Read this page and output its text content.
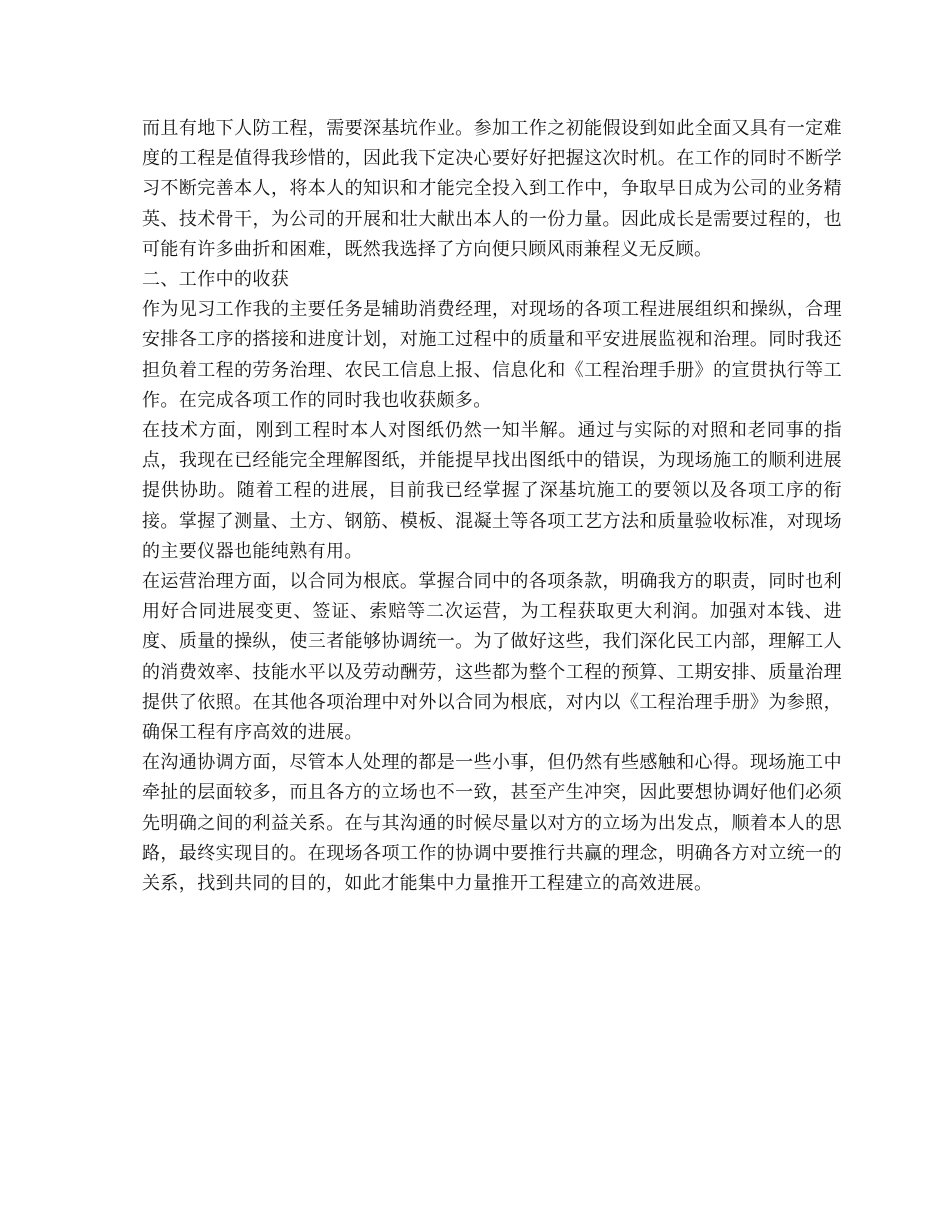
而且有地下人防工程，需要深基坑作业。参加工作之初能假设到如此全面又具有一定难度的工程是值得我珍惜的，因此我下定决心要好好把握这次时机。在工作的同时不断学习不断完善本人，将本人的知识和才能完全投入到工作中，争取早日成为公司的业务精英、技术骨干，为公司的开展和壮大献出本人的一份力量。因此成长是需要过程的，也可能有许多曲折和困难，既然我选择了方向便只顾风雨兼程义无反顾。

二、工作中的收获

作为见习工作我的主要任务是辅助消费经理，对现场的各项工程进展组织和操纵，合理安排各工序的搭接和进度计划，对施工过程中的质量和平安进展监视和治理。同时我还担负着工程的劳务治理、农民工信息上报、信息化和《工程治理手册》的宣贯执行等工作。在完成各项工作的同时我也收获颇多。

在技术方面，刚到工程时本人对图纸仍然一知半解。通过与实际的对照和老同事的指点，我现在已经能完全理解图纸，并能提早找出图纸中的错误，为现场施工的顺利进展提供协助。随着工程的进展，目前我已经掌握了深基坑施工的要领以及各项工序的衔接。掌握了测量、土方、钢筋、模板、混凝土等各项工艺方法和质量验收标准，对现场的主要仪器也能纯熟有用。

在运营治理方面，以合同为根底。掌握合同中的各项条款，明确我方的职责，同时也利用好合同进展变更、签证、索赔等二次运营，为工程获取更大利润。加强对本钱、进度、质量的操纵，使三者能够协调统一。为了做好这些，我们深化民工内部，理解工人的消费效率、技能水平以及劳动酬劳，这些都为整个工程的预算、工期安排、质量治理提供了依照。在其他各项治理中对外以合同为根底，对内以《工程治理手册》为参照，确保工程有序高效的进展。

在沟通协调方面，尽管本人处理的都是一些小事，但仍然有些感触和心得。现场施工中牵扯的层面较多，而且各方的立场也不一致，甚至产生冲突，因此要想协调好他们必须先明确之间的利益关系。在与其沟通的时候尽量以对方的立场为出发点，顺着本人的思路，最终实现目的。在现场各项工作的协调中要推行共赢的理念，明确各方对立统一的关系，找到共同的目的，如此才能集中力量推开工程建立的高效进展。
